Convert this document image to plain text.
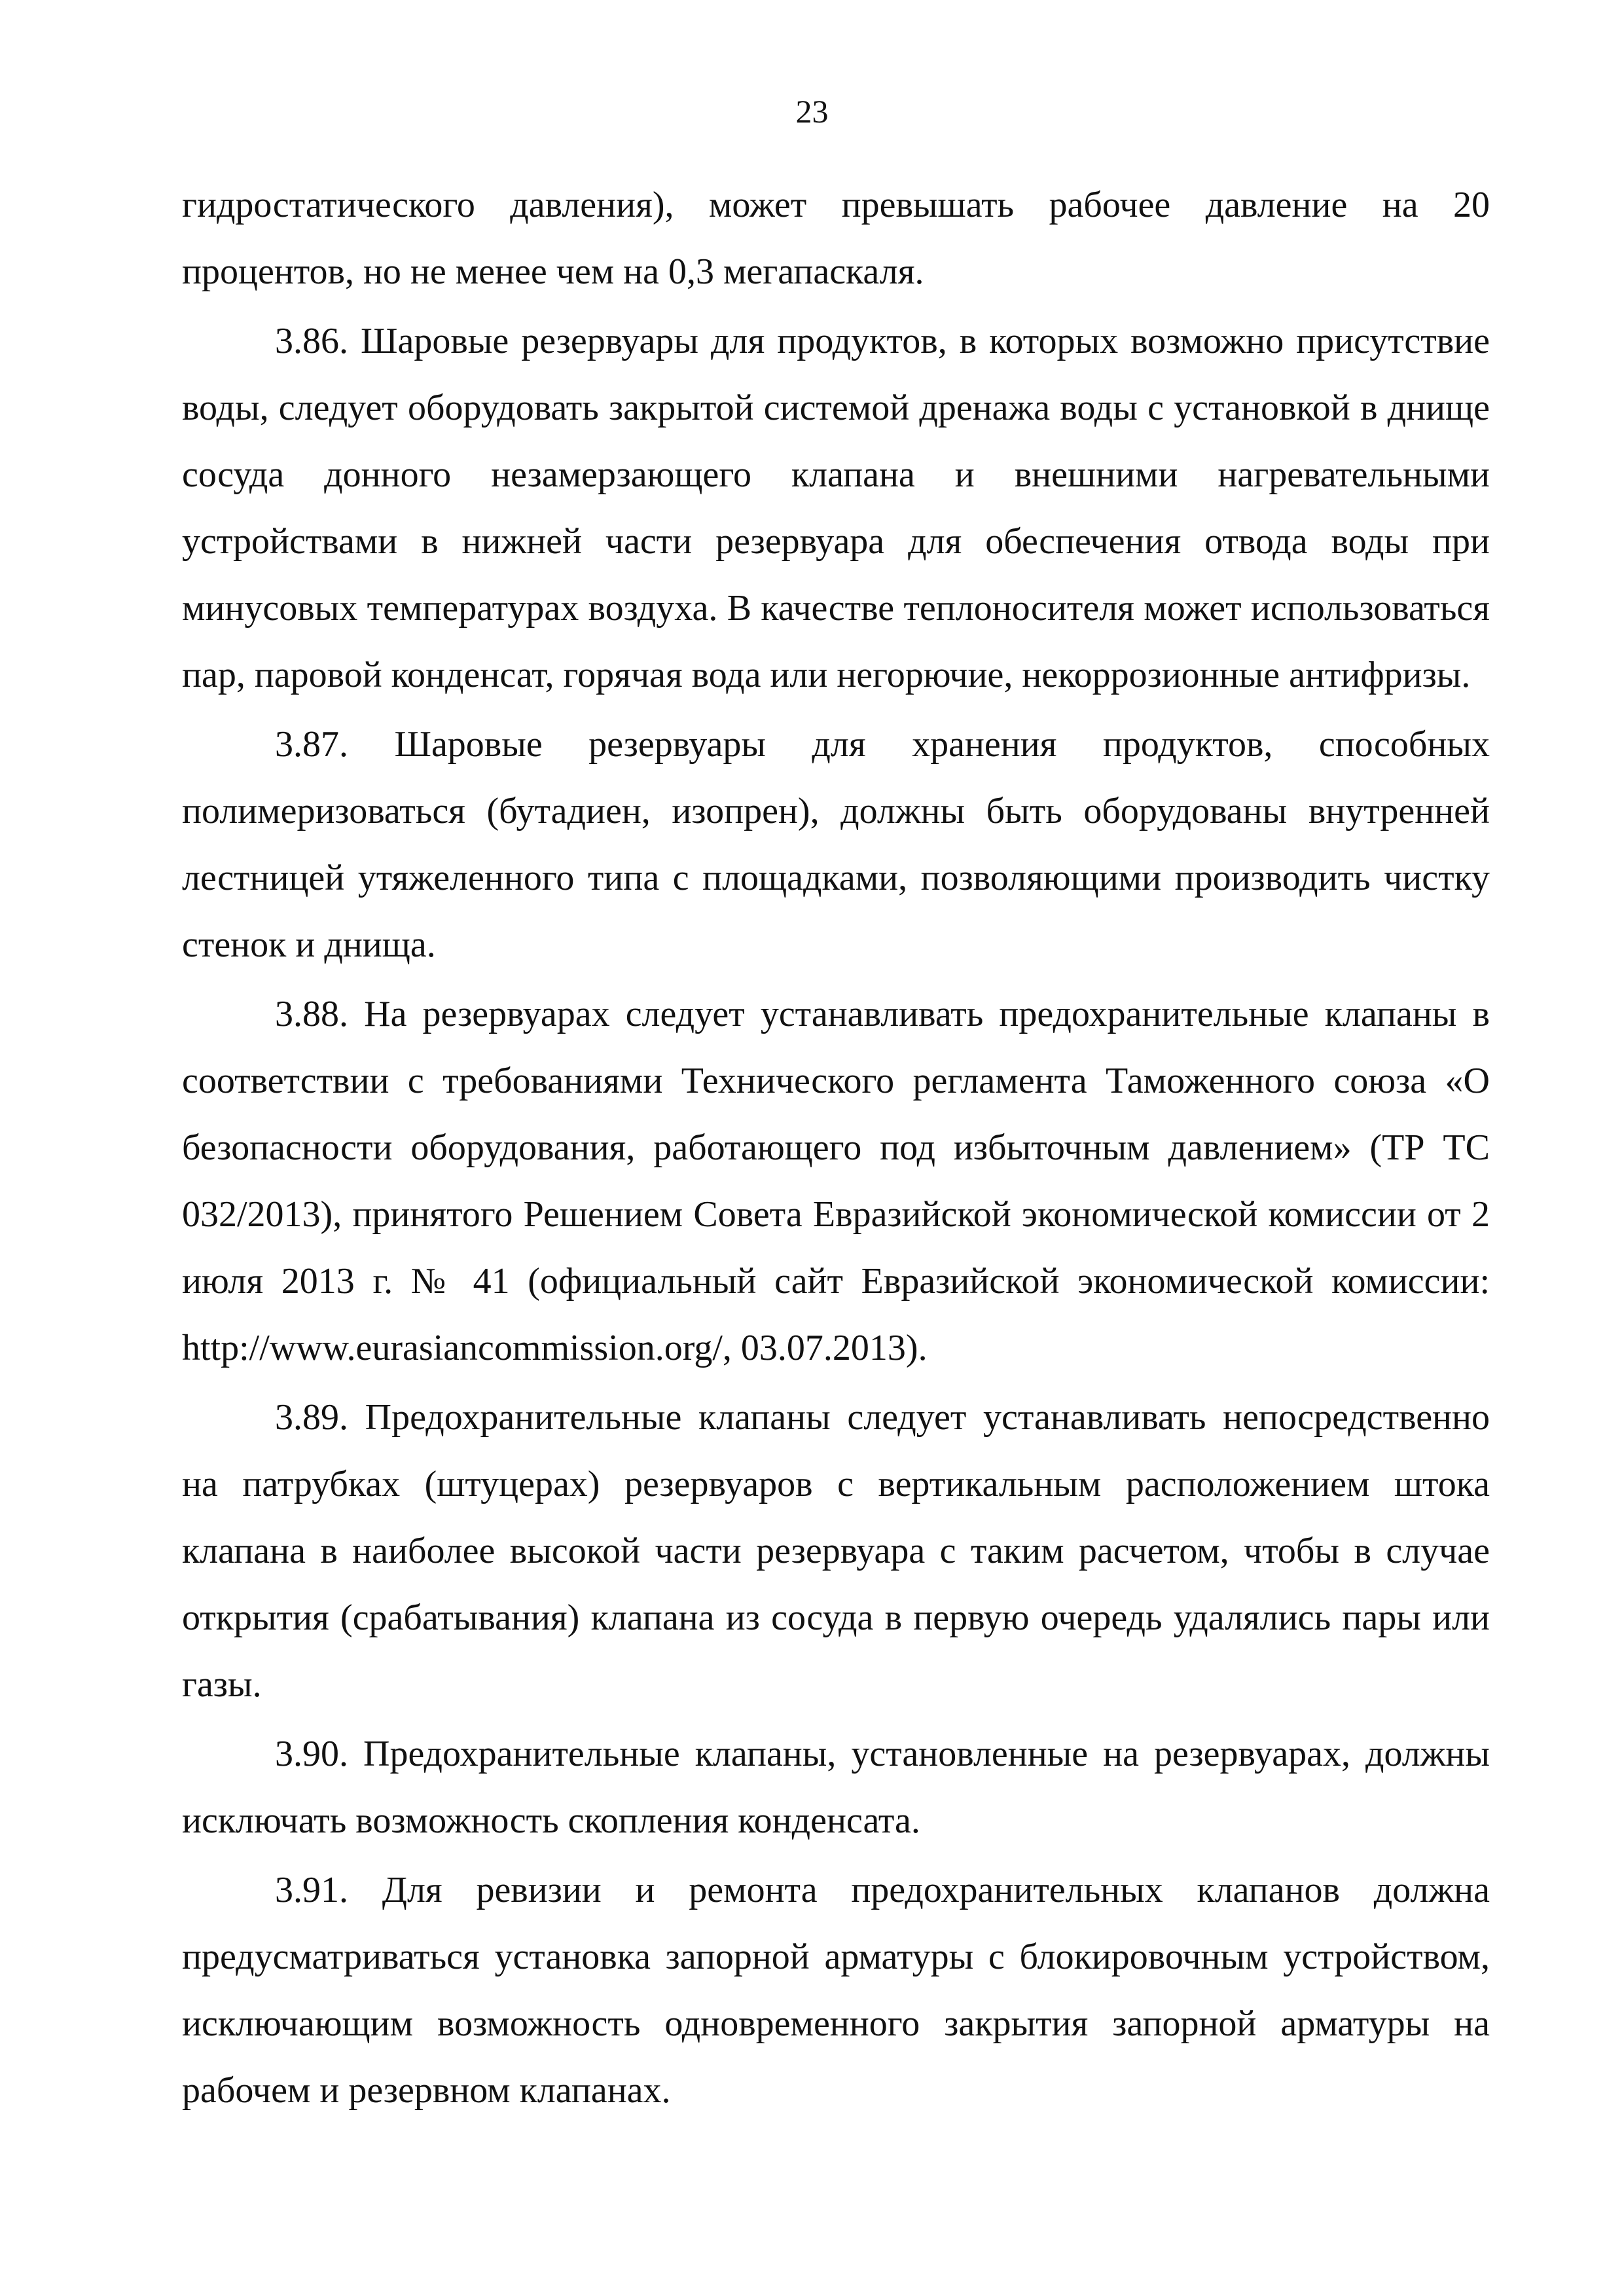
23

гидростатического давления), может превышать рабочее давление на 20 процентов, но не менее чем на 0,3 мегапаскаля.

3.86. Шаровые резервуары для продуктов, в которых возможно присутствие воды, следует оборудовать закрытой системой дренажа воды с установкой в днище сосуда донного незамерзающего клапана и внешними нагревательными устройствами в нижней части резервуара для обеспечения отвода воды при минусовых температурах воздуха. В качестве теплоносителя может использоваться пар, паровой конденсат, горячая вода или негорючие, некоррозионные антифризы.

3.87. Шаровые резервуары для хранения продуктов, способных полимеризоваться (бутадиен, изопрен), должны быть оборудованы внутренней лестницей утяжеленного типа с площадками, позволяющими производить чистку стенок и днища.

3.88. На резервуарах следует устанавливать предохранительные клапаны в соответствии с требованиями Технического регламента Таможенного союза «О безопасности оборудования, работающего под избыточным давлением» (ТР ТС 032/2013), принятого Решением Совета Евразийской экономической комиссии от 2 июля 2013 г. № 41 (официальный сайт Евразийской экономической комиссии: http://www.eurasiancommission.org/, 03.07.2013).

3.89. Предохранительные клапаны следует устанавливать непосредственно на патрубках (штуцерах) резервуаров с вертикальным расположением штока клапана в наиболее высокой части резервуара с таким расчетом, чтобы в случае открытия (срабатывания) клапана из сосуда в первую очередь удалялись пары или газы.

3.90. Предохранительные клапаны, установленные на резервуарах, должны исключать возможность скопления конденсата.

3.91. Для ревизии и ремонта предохранительных клапанов должна предусматриваться установка запорной арматуры с блокировочным устройством, исключающим возможность одновременного закрытия запорной арматуры на рабочем и резервном клапанах.
